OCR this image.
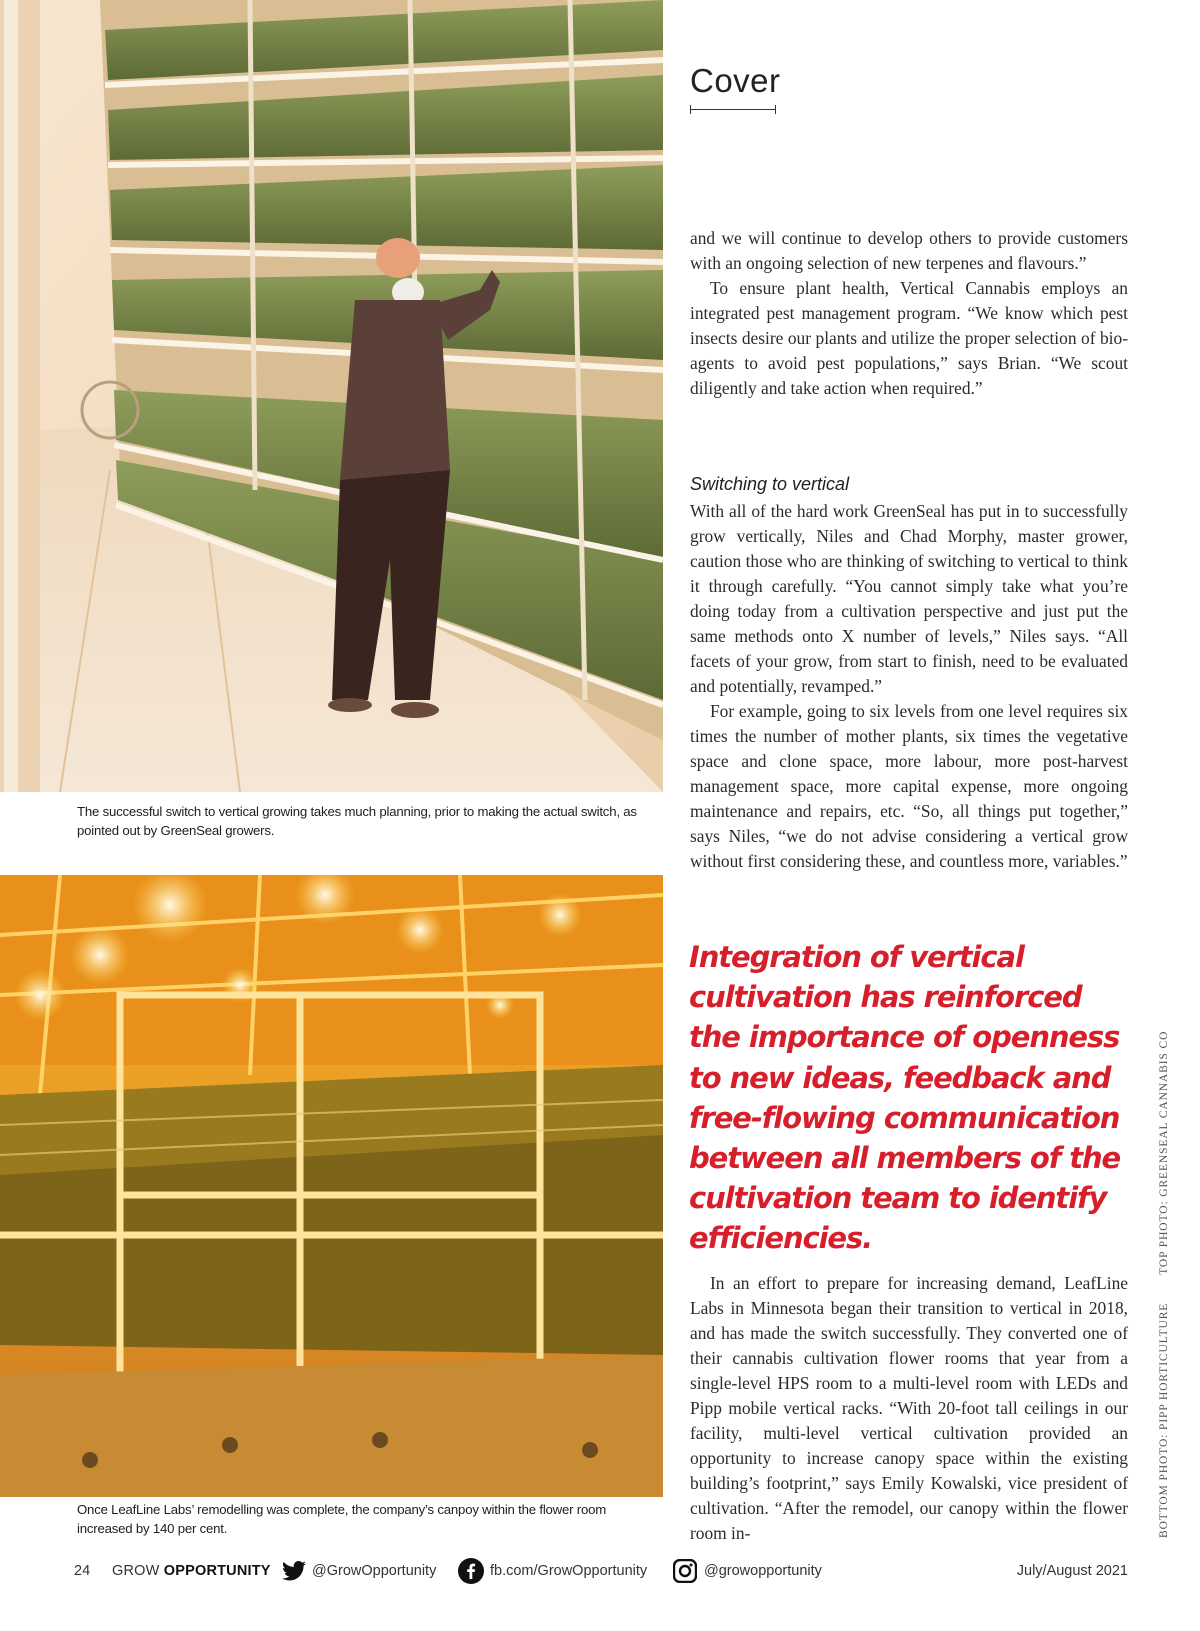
The successful switch to vertical growing takes much planning, prior to making the actual switch, as pointed out by GreenSeal growers.
Once LeafLine Labs’ remodelling was complete, the company’s canpoy within the flower room increased by 140 per cent.
Cover

and we will continue to develop others to provide customers with an ongoing selection of new terpenes and flavours.”

To ensure plant health, Vertical Cannabis employs an integrated pest management program. “We know which pest insects desire our plants and utilize the proper selection of bio-agents to avoid pest populations,” says Brian. “We scout diligently and take action when required.”

Switching to vertical

With all of the hard work GreenSeal has put in to successfully grow vertically, Niles and Chad Morphy, master grower, caution those who are thinking of switching to vertical to think it through carefully. “You cannot simply take what you’re doing today from a cultivation perspective and just put the same methods onto X number of levels,” Niles says. “All facets of your grow, from start to finish, need to be evaluated and potentially, revamped.”

For example, going to six levels from one level requires six times the number of mother plants, six times the vegetative space and clone space, more labour, more post-harvest management space, more capital expense, more ongoing maintenance and repairs, etc. “So, all things put together,” says Niles, “we do not advise considering a vertical grow without first considering these, and countless more, variables.”

Integration of vertical cultivation has reinforced the importance of openness to new ideas, feedback and free-flowing communication between all members of the cultivation team to identify efficiencies.

In an effort to prepare for increasing demand, LeafLine Labs in Minnesota began their transition to vertical in 2018, and has made the switch successfully. They converted one of their cannabis cultivation flower rooms that year from a single-level HPS room to a multi-level room with LEDs and Pipp mobile vertical racks. “With 20-foot tall ceilings in our facility, multi-level vertical cultivation provided an opportunity to increase canopy space within the existing building’s footprint,” says Emily Kowalski, vice president of cultivation. “After the remodel, our canopy within the flower room in-	BOTTOM PHOTO: PIPP HORTICULTURETOP PHOTO: GREENSEAL CANNABIS CO
24 GROW OPPORTUNITY	@GrowOpportunity	fb.com/GrowOpportunity	@growopportunity	July/August 2021
